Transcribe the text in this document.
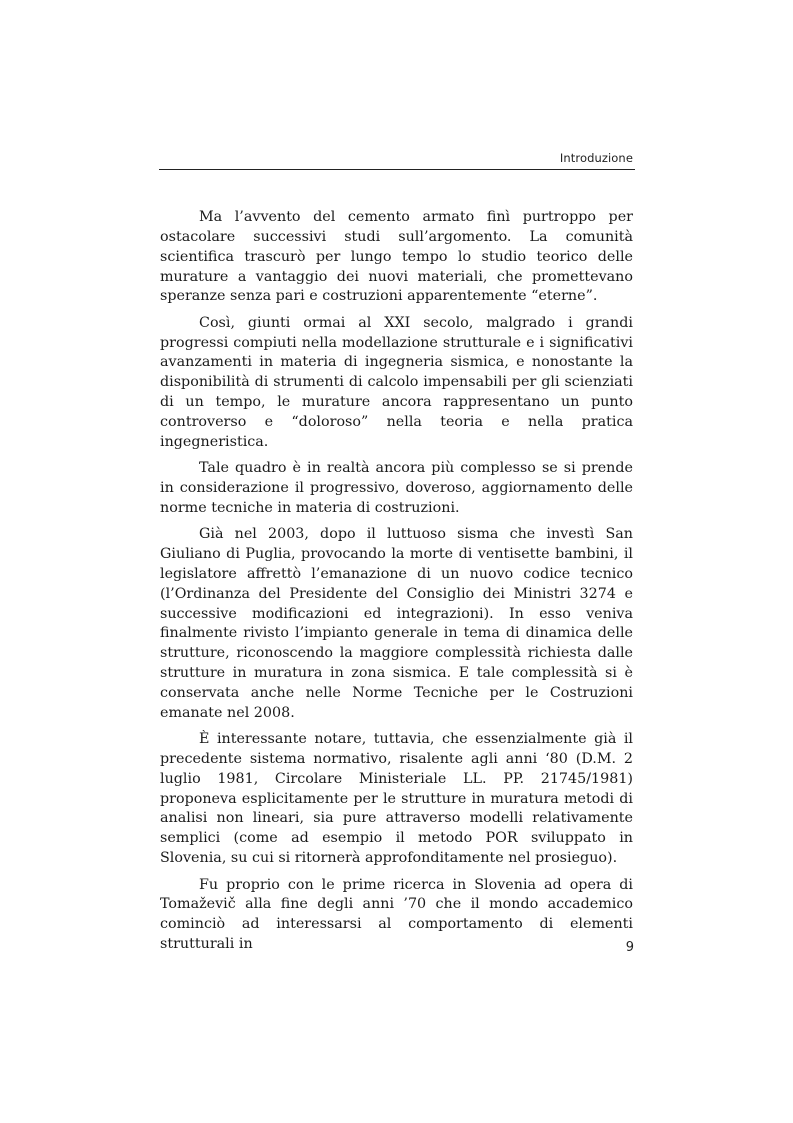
Introduzione

Ma l’avvento del cemento armato finì purtroppo per ostacolare successivi studi sull’argomento. La comunità scientifica trascurò per lungo tempo lo studio teorico delle murature a vantaggio dei nuovi materiali, che promettevano speranze senza pari e costruzioni apparentemente “eterne”.

Così, giunti ormai al XXI secolo, malgrado i grandi progressi compiuti nella modellazione strutturale e i significativi avanzamenti in materia di ingegneria sismica, e nonostante la disponibilità di strumenti di calcolo impensabili per gli scienziati di un tempo, le murature ancora rappresentano un punto controverso e “doloroso” nella teoria e nella pratica ingegneristica.

Tale quadro è in realtà ancora più complesso se si prende in considerazione il progressivo, doveroso, aggiornamento delle norme tecniche in materia di costruzioni.

Già nel 2003, dopo il luttuoso sisma che investì San Giuliano di Puglia, provocando la morte di ventisette bambini, il legislatore affrettò l’emanazione di un nuovo codice tecnico (l’Ordinanza del Presidente del Consiglio dei Ministri 3274 e successive modificazioni ed integrazioni). In esso veniva finalmente rivisto l’impianto generale in tema di dinamica delle strutture, riconoscendo la maggiore complessità richiesta dalle strutture in muratura in zona sismica. E tale complessità si è conservata anche nelle Norme Tecniche per le Costruzioni emanate nel 2008.

È interessante notare, tuttavia, che essenzialmente già il precedente sistema normativo, risalente agli anni ‘80 (D.M. 2 luglio 1981, Circolare Ministeriale LL. PP. 21745/1981) proponeva esplicitamente per le strutture in muratura metodi di analisi non lineari, sia pure attraverso modelli relativamente semplici (come ad esempio il metodo POR sviluppato in Slovenia, su cui si ritornerà approfonditamente nel prosieguo).

Fu proprio con le prime ricerca in Slovenia ad opera di Tomaževič alla fine degli anni ’70 che il mondo accademico cominciò ad interessarsi al comportamento di elementi strutturali in	9
